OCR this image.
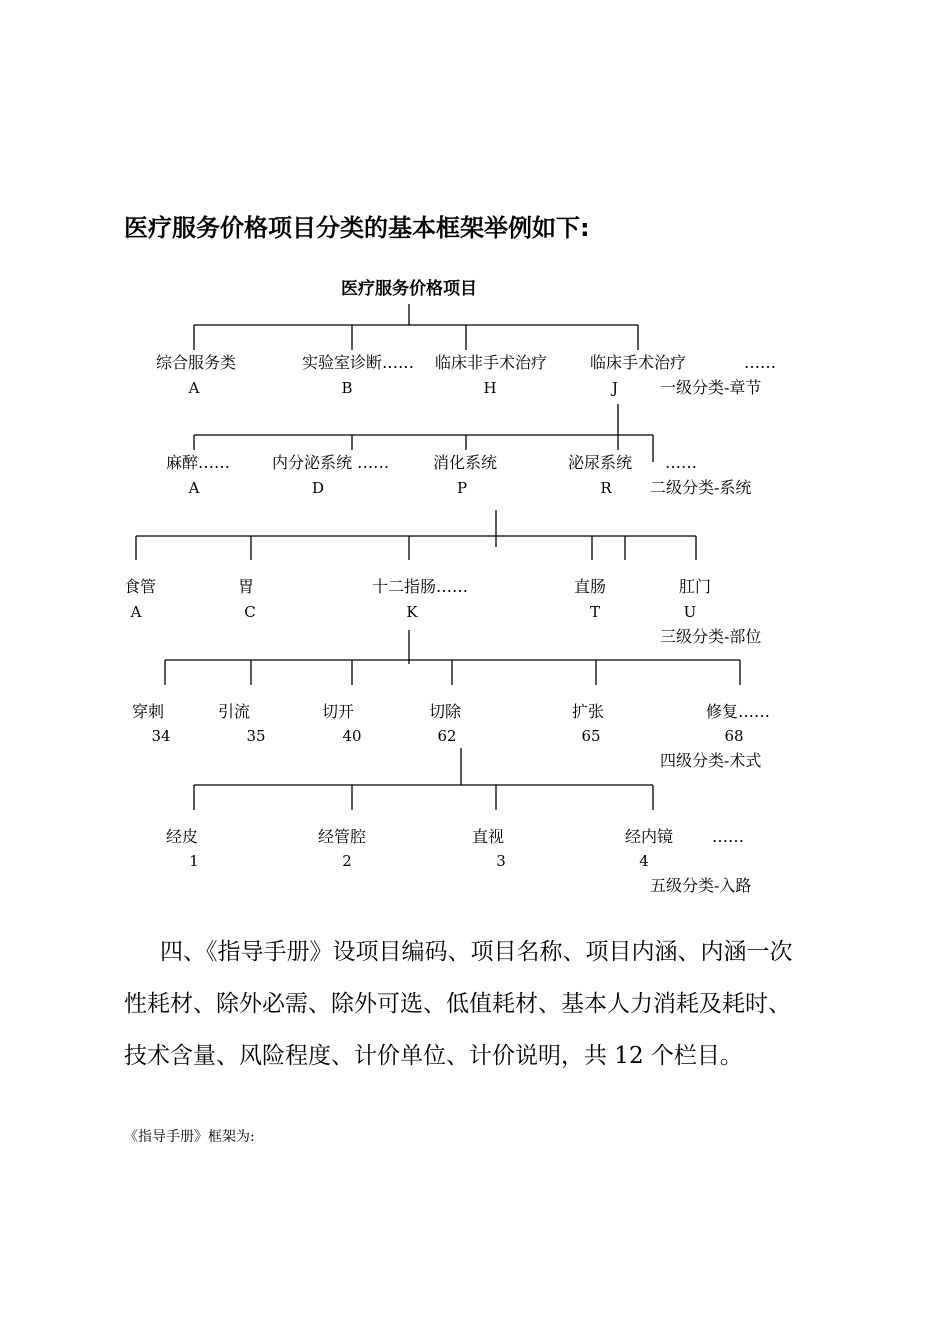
医疗服务价格项目分类的基本框架举例如下:
医疗服务价格项目
综合服务类	实验室诊断…… 临床非手术治疗	临床手术治疗	……
A	B	H	J	一级分类-章节
麻醉……	内分泌系统 ……	消化系统	泌尿系统 ……
A	D	P	R 二级分类-系统
食管	胃	十二指肠……	直肠	肛门
A	C	K	T	U
三级分类-部位
穿刺	引流	切开	切除	扩张	修复……
34	35	40	62	65	68
四级分类-术式
经皮	经管腔	直视	经内镜 ……
1	2	3	4
五级分类-入路
四、《指导手册》设项目编码、项目名称、项目内涵、内涵一次
性耗材、除外必需、除外可选、低值耗材、基本人力消耗及耗时、
技术含量、风险程度、计价单位、计价说明，共 12 个栏目。
《指导手册》框架为:
